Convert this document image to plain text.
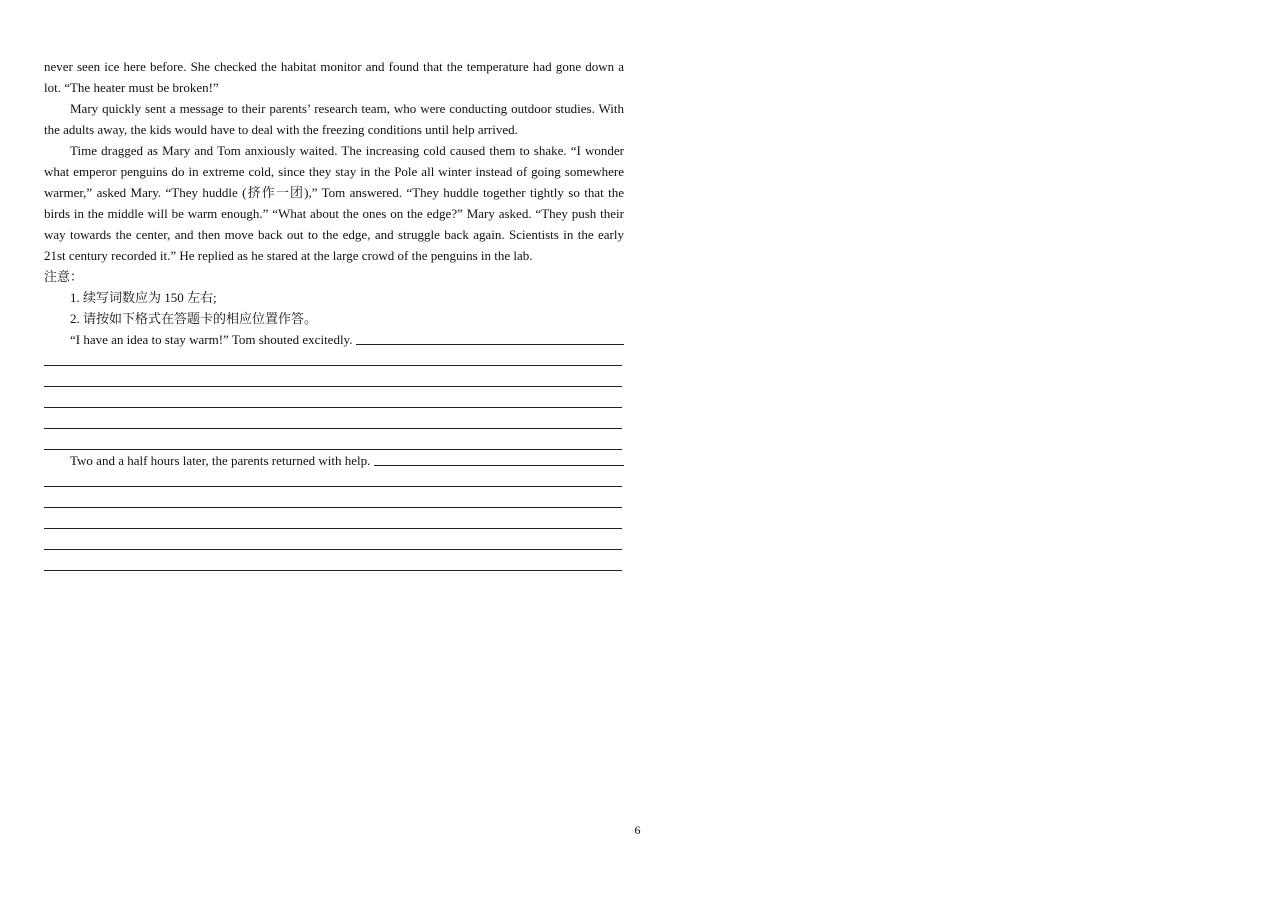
never seen ice here before. She checked the habitat monitor and found that the temperature had gone down a lot. “The heater must be broken!”

Mary quickly sent a message to their parents’ research team, who were conducting outdoor studies. With the adults away, the kids would have to deal with the freezing conditions until help arrived.

Time dragged as Mary and Tom anxiously waited. The increasing cold caused them to shake. “I wonder what emperor penguins do in extreme cold, since they stay in the Pole all winter instead of going somewhere warmer,” asked Mary. “They huddle (挤作一团),” Tom answered. “They huddle together tightly so that the birds in the middle will be warm enough.” “What about the ones on the edge?” Mary asked. “They push their way towards the center, and then move back out to the edge, and struggle back again. Scientists in the early 21st century recorded it.” He replied as he stared at the large crowd of the penguins in the lab.

注意：

1. 续写词数应为 150 左右;

2. 请按如下格式在答题卡的相应位置作答。

“I have an idea to stay warm!” Tom shouted excitedly.
Two and a half hours later, the parents returned with help.
6
